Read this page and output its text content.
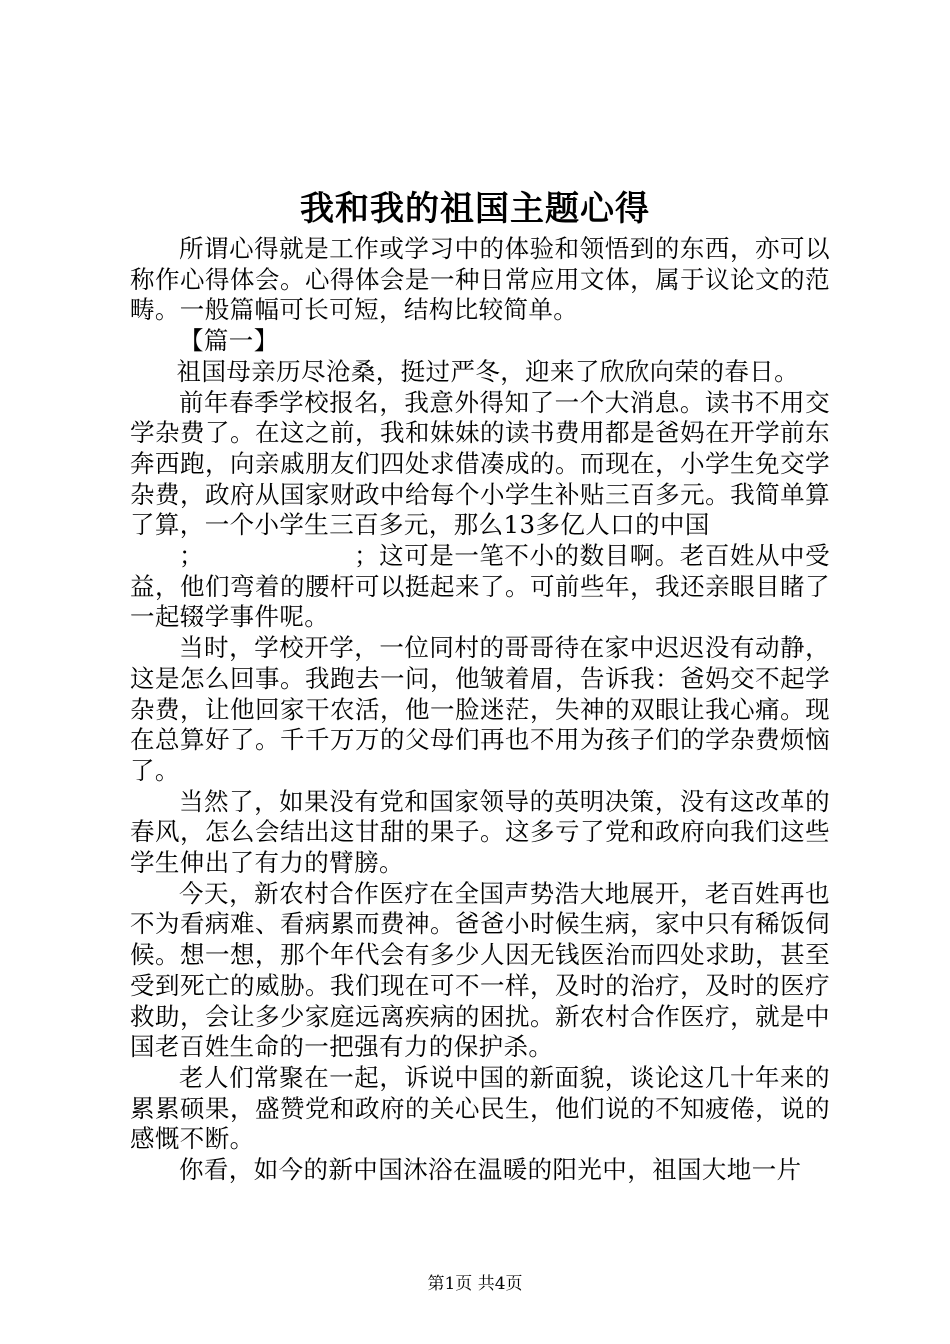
我和我的祖国主题心得

所谓心得就是工作或学习中的体验和领悟到的东西，亦可以称作心得体会。心得体会是一种日常应用文体，属于议论文的范畴。一般篇幅可长可短，结构比较简单。

【篇一】

祖国母亲历尽沧桑，挺过严冬，迎来了欣欣向荣的春日。

前年春季学校报名，我意外得知了一个大消息。读书不用交学杂费了。在这之前，我和妹妹的读书费用都是爸妈在开学前东奔西跑，向亲戚朋友们四处求借凑成的。而现在，小学生免交学杂费，政府从国家财政中给每个小学生补贴三百多元。我简单算了算，一个小学生三百多元，那么13多亿人口的中国
；	；这可是一笔不小的数目啊。老百姓从中受益，他们弯着的腰杆可以挺起来了。可前些年，我还亲眼目睹了一起辍学事件呢。

当时，学校开学，一位同村的哥哥待在家中迟迟没有动静，这是怎么回事。我跑去一问，他皱着眉，告诉我：爸妈交不起学杂费，让他回家干农活，他一脸迷茫，失神的双眼让我心痛。现在总算好了。千千万万的父母们再也不用为孩子们的学杂费烦恼了。

当然了，如果没有党和国家领导的英明决策，没有这改革的春风，怎么会结出这甘甜的果子。这多亏了党和政府向我们这些学生伸出了有力的臂膀。

今天，新农村合作医疗在全国声势浩大地展开，老百姓再也不为看病难、看病累而费神。爸爸小时候生病，家中只有稀饭伺候。想一想，那个年代会有多少人因无钱医治而四处求助，甚至受到死亡的威胁。我们现在可不一样，及时的治疗，及时的医疗救助，会让多少家庭远离疾病的困扰。新农村合作医疗，就是中国老百姓生命的一把强有力的保护杀。

老人们常聚在一起，诉说中国的新面貌，谈论这几十年来的累累硕果，盛赞党和政府的关心民生，他们说的不知疲倦，说的感慨不断。

你看，如今的新中国沐浴在温暖的阳光中，祖国大地一片

第1页 共4页
